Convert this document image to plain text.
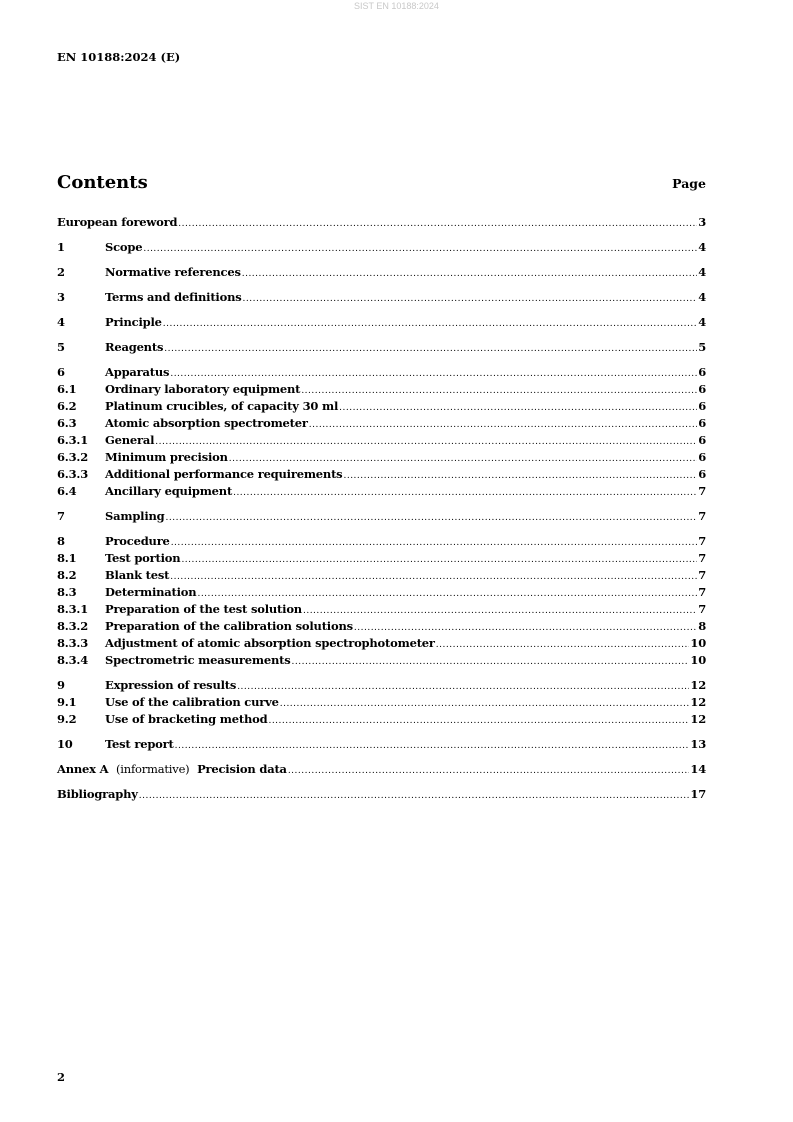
SIST EN 10188:2024
EN 10188:2024 (E)
Contents	Page
European foreword .....	3
1	Scope .....	4
2	Normative references .....	4
3	Terms and definitions .....	4
4	Principle .....	4
5	Reagents .....	5
6	Apparatus .....	6
6.1	Ordinary laboratory equipment .....	6
6.2	Platinum crucibles, of capacity 30 ml .....	6
6.3	Atomic absorption spectrometer .....	6
6.3.1	General .....	6
6.3.2	Minimum precision .....	6
6.3.3	Additional performance requirements .....	6
6.4	Ancillary equipment .....	7
7	Sampling .....	7
8	Procedure .....	7
8.1	Test portion .....	7
8.2	Blank test .....	7
8.3	Determination .....	7
8.3.1	Preparation of the test solution .....	7
8.3.2	Preparation of the calibration solutions .....	8
8.3.3	Adjustment of atomic absorption spectrophotometer .....	10
8.3.4	Spectrometric measurements .....	10
9	Expression of results .....	12
9.1	Use of the calibration curve .....	12
9.2	Use of bracketing method .....	12
10	Test report .....	13
Annex A (informative) Precision data .....	14
Bibliography .....	17
2
